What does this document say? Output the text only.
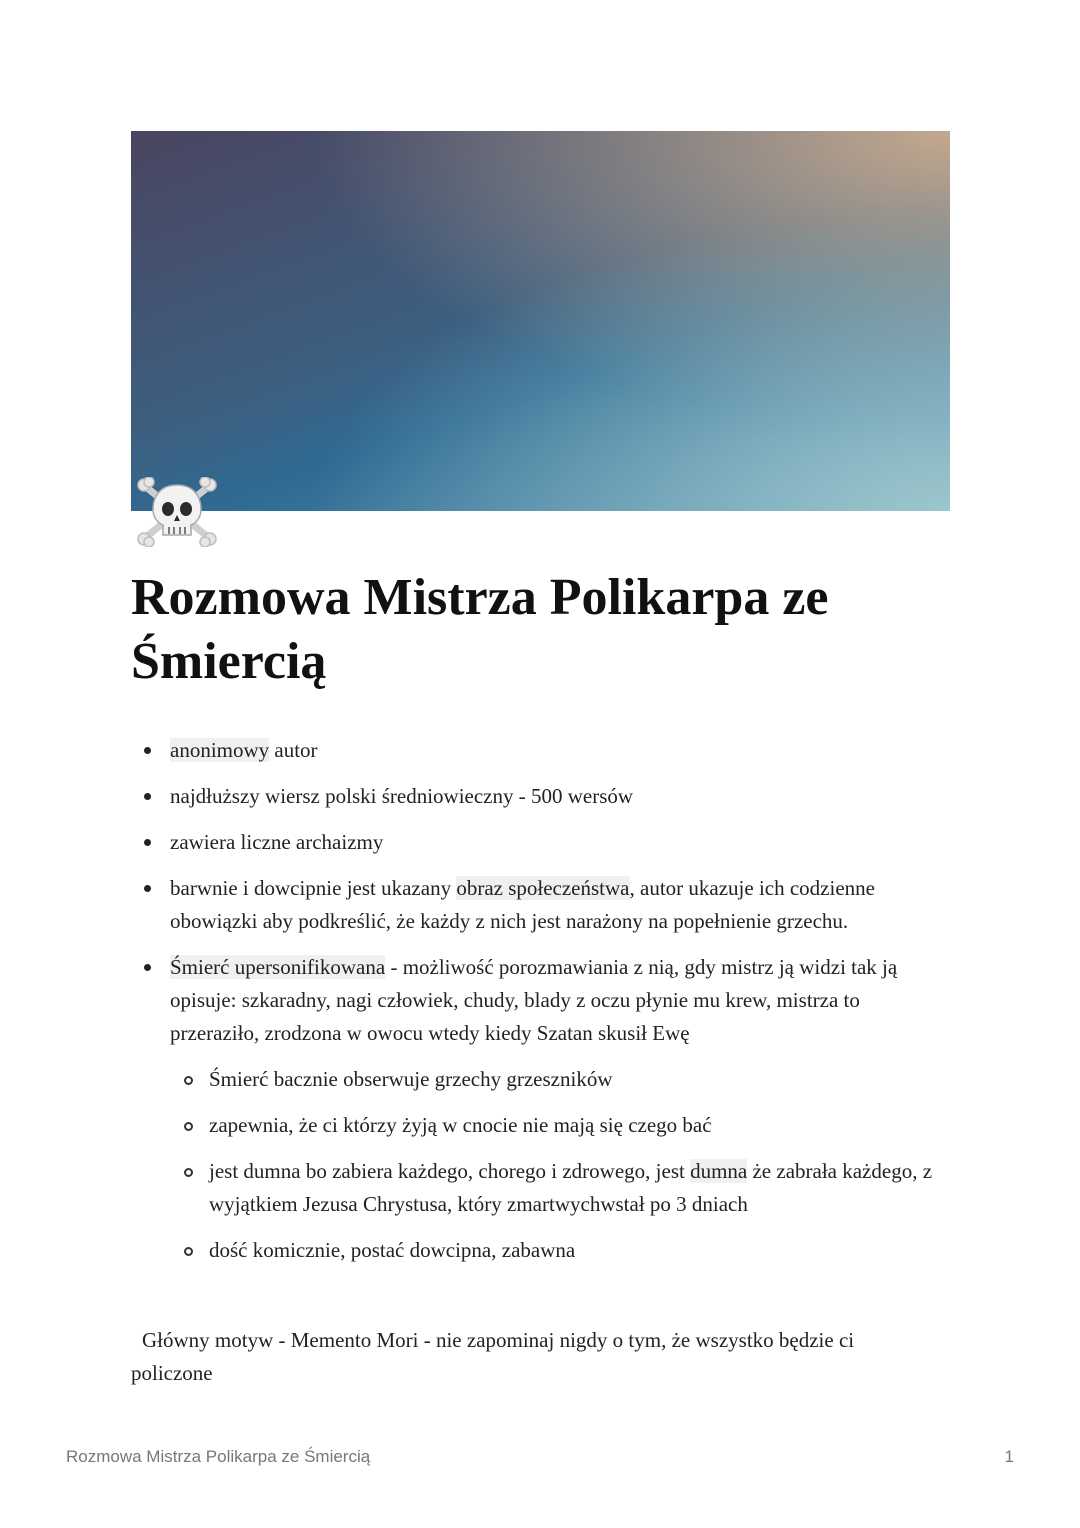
Rozmowa Mistrza Polikarpa ze Śmiercią
anonimowy autor
najdłuższy wiersz polski średniowieczny - 500 wersów
zawiera liczne archaizmy
barwnie i dowcipnie jest ukazany obraz społeczeństwa, autor ukazuje ich codzienne obowiązki aby podkreślić, że każdy z nich jest narażony na popełnienie grzechu.
Śmierć upersonifikowana - możliwość porozmawiania z nią, gdy mistrz ją widzi tak ją opisuje: szkaradny, nagi człowiek, chudy, blady z oczu płynie mu krew, mistrza to przeraziło, zrodzona w owocu wtedy kiedy Szatan skusił Ewę
Śmierć bacznie obserwuje grzechy grzeszników
zapewnia, że ci którzy żyją w cnocie nie mają się czego bać
jest dumna bo zabiera każdego, chorego i zdrowego, jest dumna że zabrała każdego, z wyjątkiem Jezusa Chrystusa, który zmartwychwstał po 3 dniach
dość komicznie, postać dowcipna, zabawna

Główny motyw - Memento Mori - nie zapominaj nigdy o tym, że wszystko będzie ci policzone

Rozmowa Mistrza Polikarpa ze Śmiercią	1
